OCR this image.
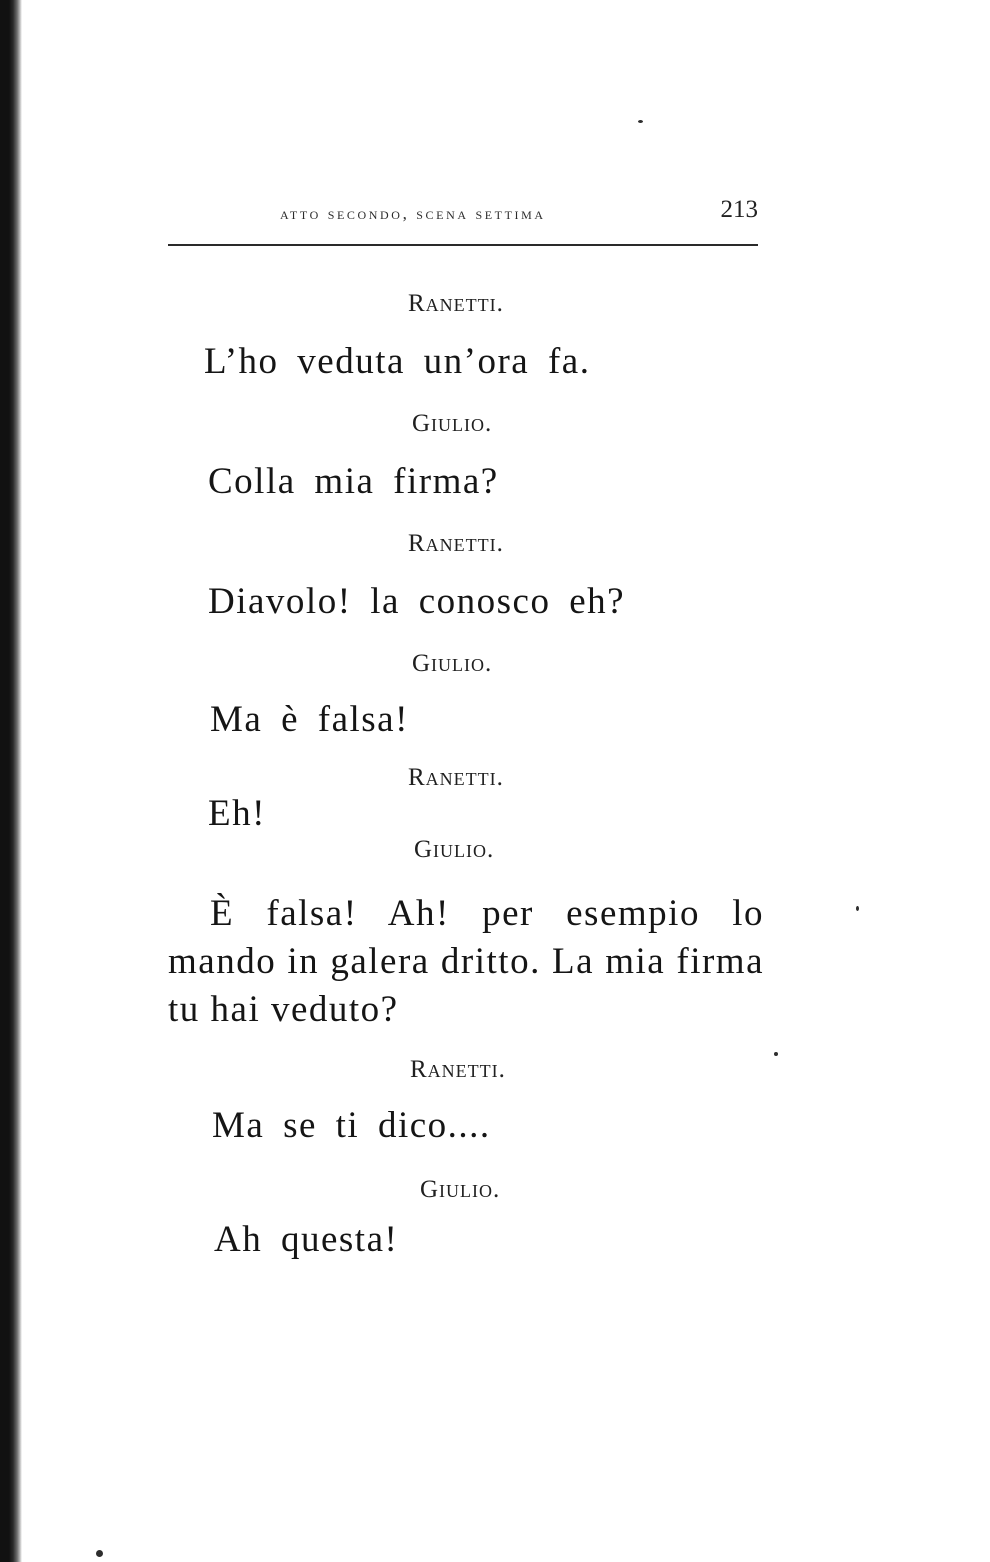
atto secondo, scena settima	213
Ranetti.
L’ho veduta un’ora fa.
Giulio.
Colla mia firma?
Ranetti.
Diavolo! la conosco eh?
Giulio.
Ma è falsa!
Ranetti.
Eh!
Giulio.

È falsa! Ah! per esempio lo mando in galera dritto. La mia firma tu hai veduto?

Ranetti.
Ma se ti dico....
Giulio.
Ah questa!
